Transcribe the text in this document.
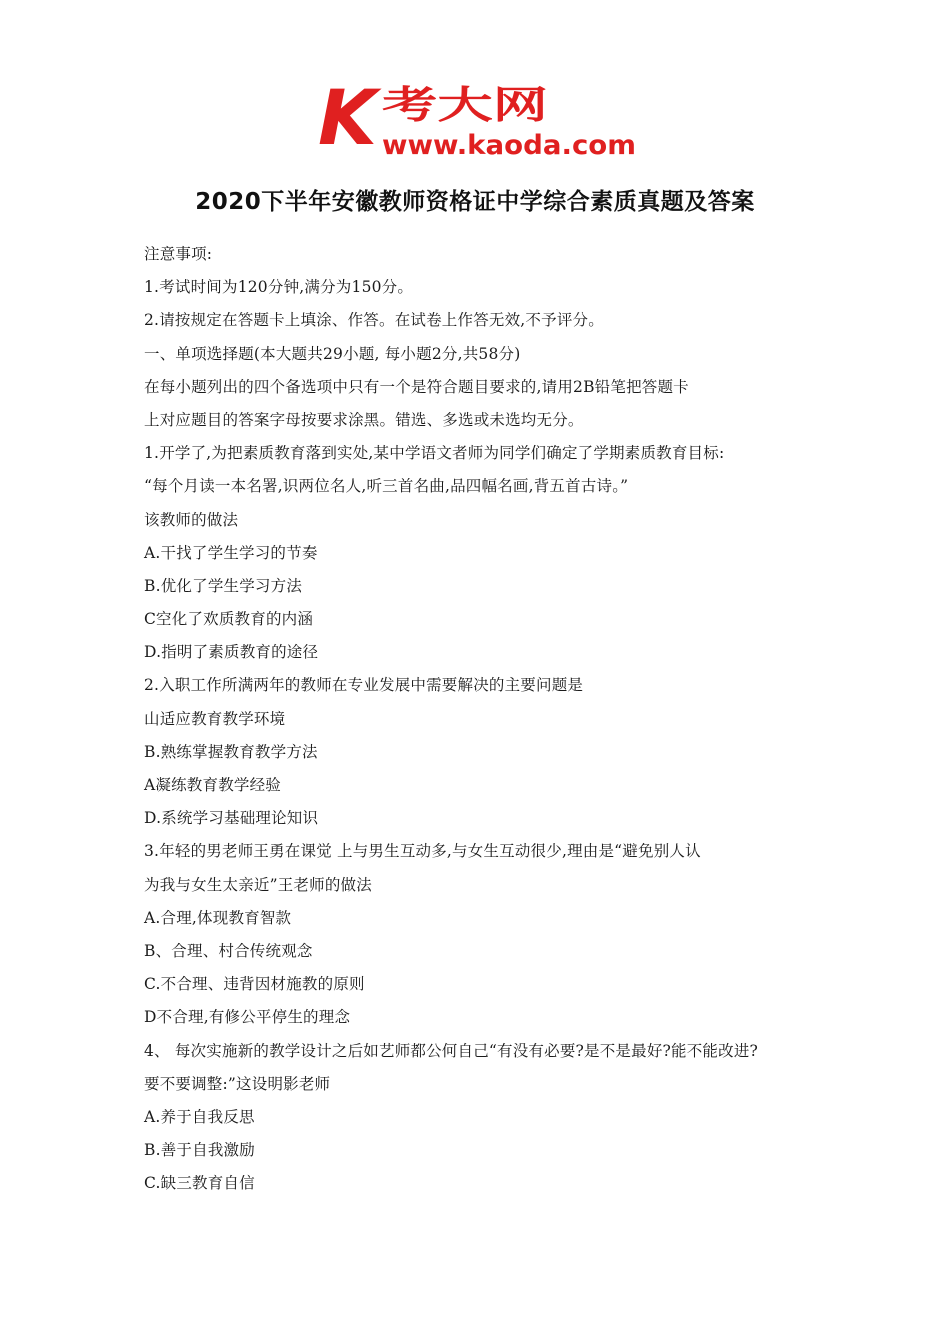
K 考大网
www.kaoda.com
2020下半年安徽教师资格证中学综合素质真题及答案
注意事项:
1.考试时间为120分钟,满分为150分。
2.请按规定在答题卡上填涂、作答。在试卷上作答无效,不予评分。
一、单项选择题(本大题共29小题, 每小题2分,共58分)
在每小题列出的四个备选项中只有一个是符合题目要求的,请用2B铅笔把答题卡
上对应题目的答案字母按要求涂黑。错选、多选或未选均无分。
1.开学了,为把素质教育落到实处,某中学语文者师为同学们确定了学期素质教育目标:
“每个月读一本名署,识两位名人,听三首名曲,品四幅名画,背五首古诗。”
该教师的做法
A.干找了学生学习的节奏
B.优化了学生学习方法
C空化了欢质教育的内涵
D.指明了素质教育的途径
2.入职工作所满两年的教师在专业发展中需要解决的主要问题是
山适应教育教学环境
B.熟练掌握教育教学方法
A凝练教育教学经验
D.系统学习基础理论知识
3.年轻的男老师王勇在课觉 上与男生互动多,与女生互动很少,理由是“避免别人认
为我与女生太亲近”王老师的做法
A.合理,体现教育智款
B、合理、村合传统观念
C.不合理、违背因材施教的原则
D不合理,有修公平停生的理念
4、 每次实施新的教学设计之后如艺师都公何自己“有没有必要?是不是最好?能不能改进?
要不要调整:”这设明影老师
A.养于自我反思
B.善于自我激励
C.缺三教育自信
